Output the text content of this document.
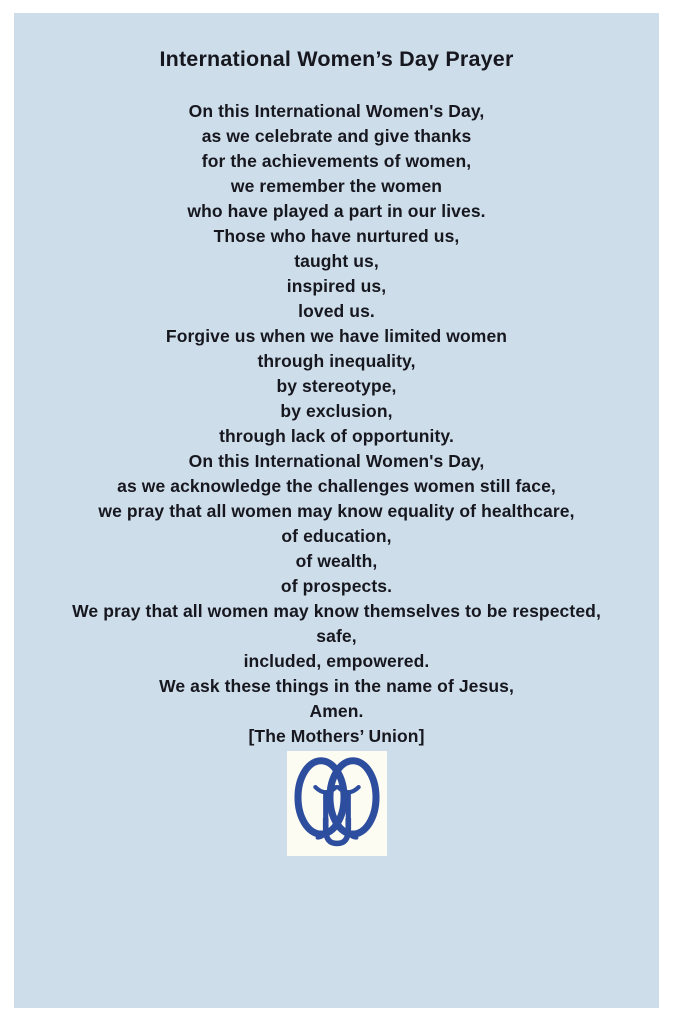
International Women’s Day Prayer

On this International Women's Day,

as we celebrate and give thanks
for the achievements of women,
we remember the women
who have played a part in our lives.
Those who have nurtured us,
taught us,
inspired us,
loved us.

Forgive us when we have limited women
through inequality,
by stereotype,
by exclusion,
through lack of opportunity.

On this International Women's Day,
as we acknowledge the challenges women still face,
we pray that all women may know equality of healthcare,
of education,
of wealth,

of prospects.

We pray that all women may know themselves to be respected,
safe,
included, empowered.

We ask these things in the name of Jesus,
Amen.

[The Mothers’ Union]
